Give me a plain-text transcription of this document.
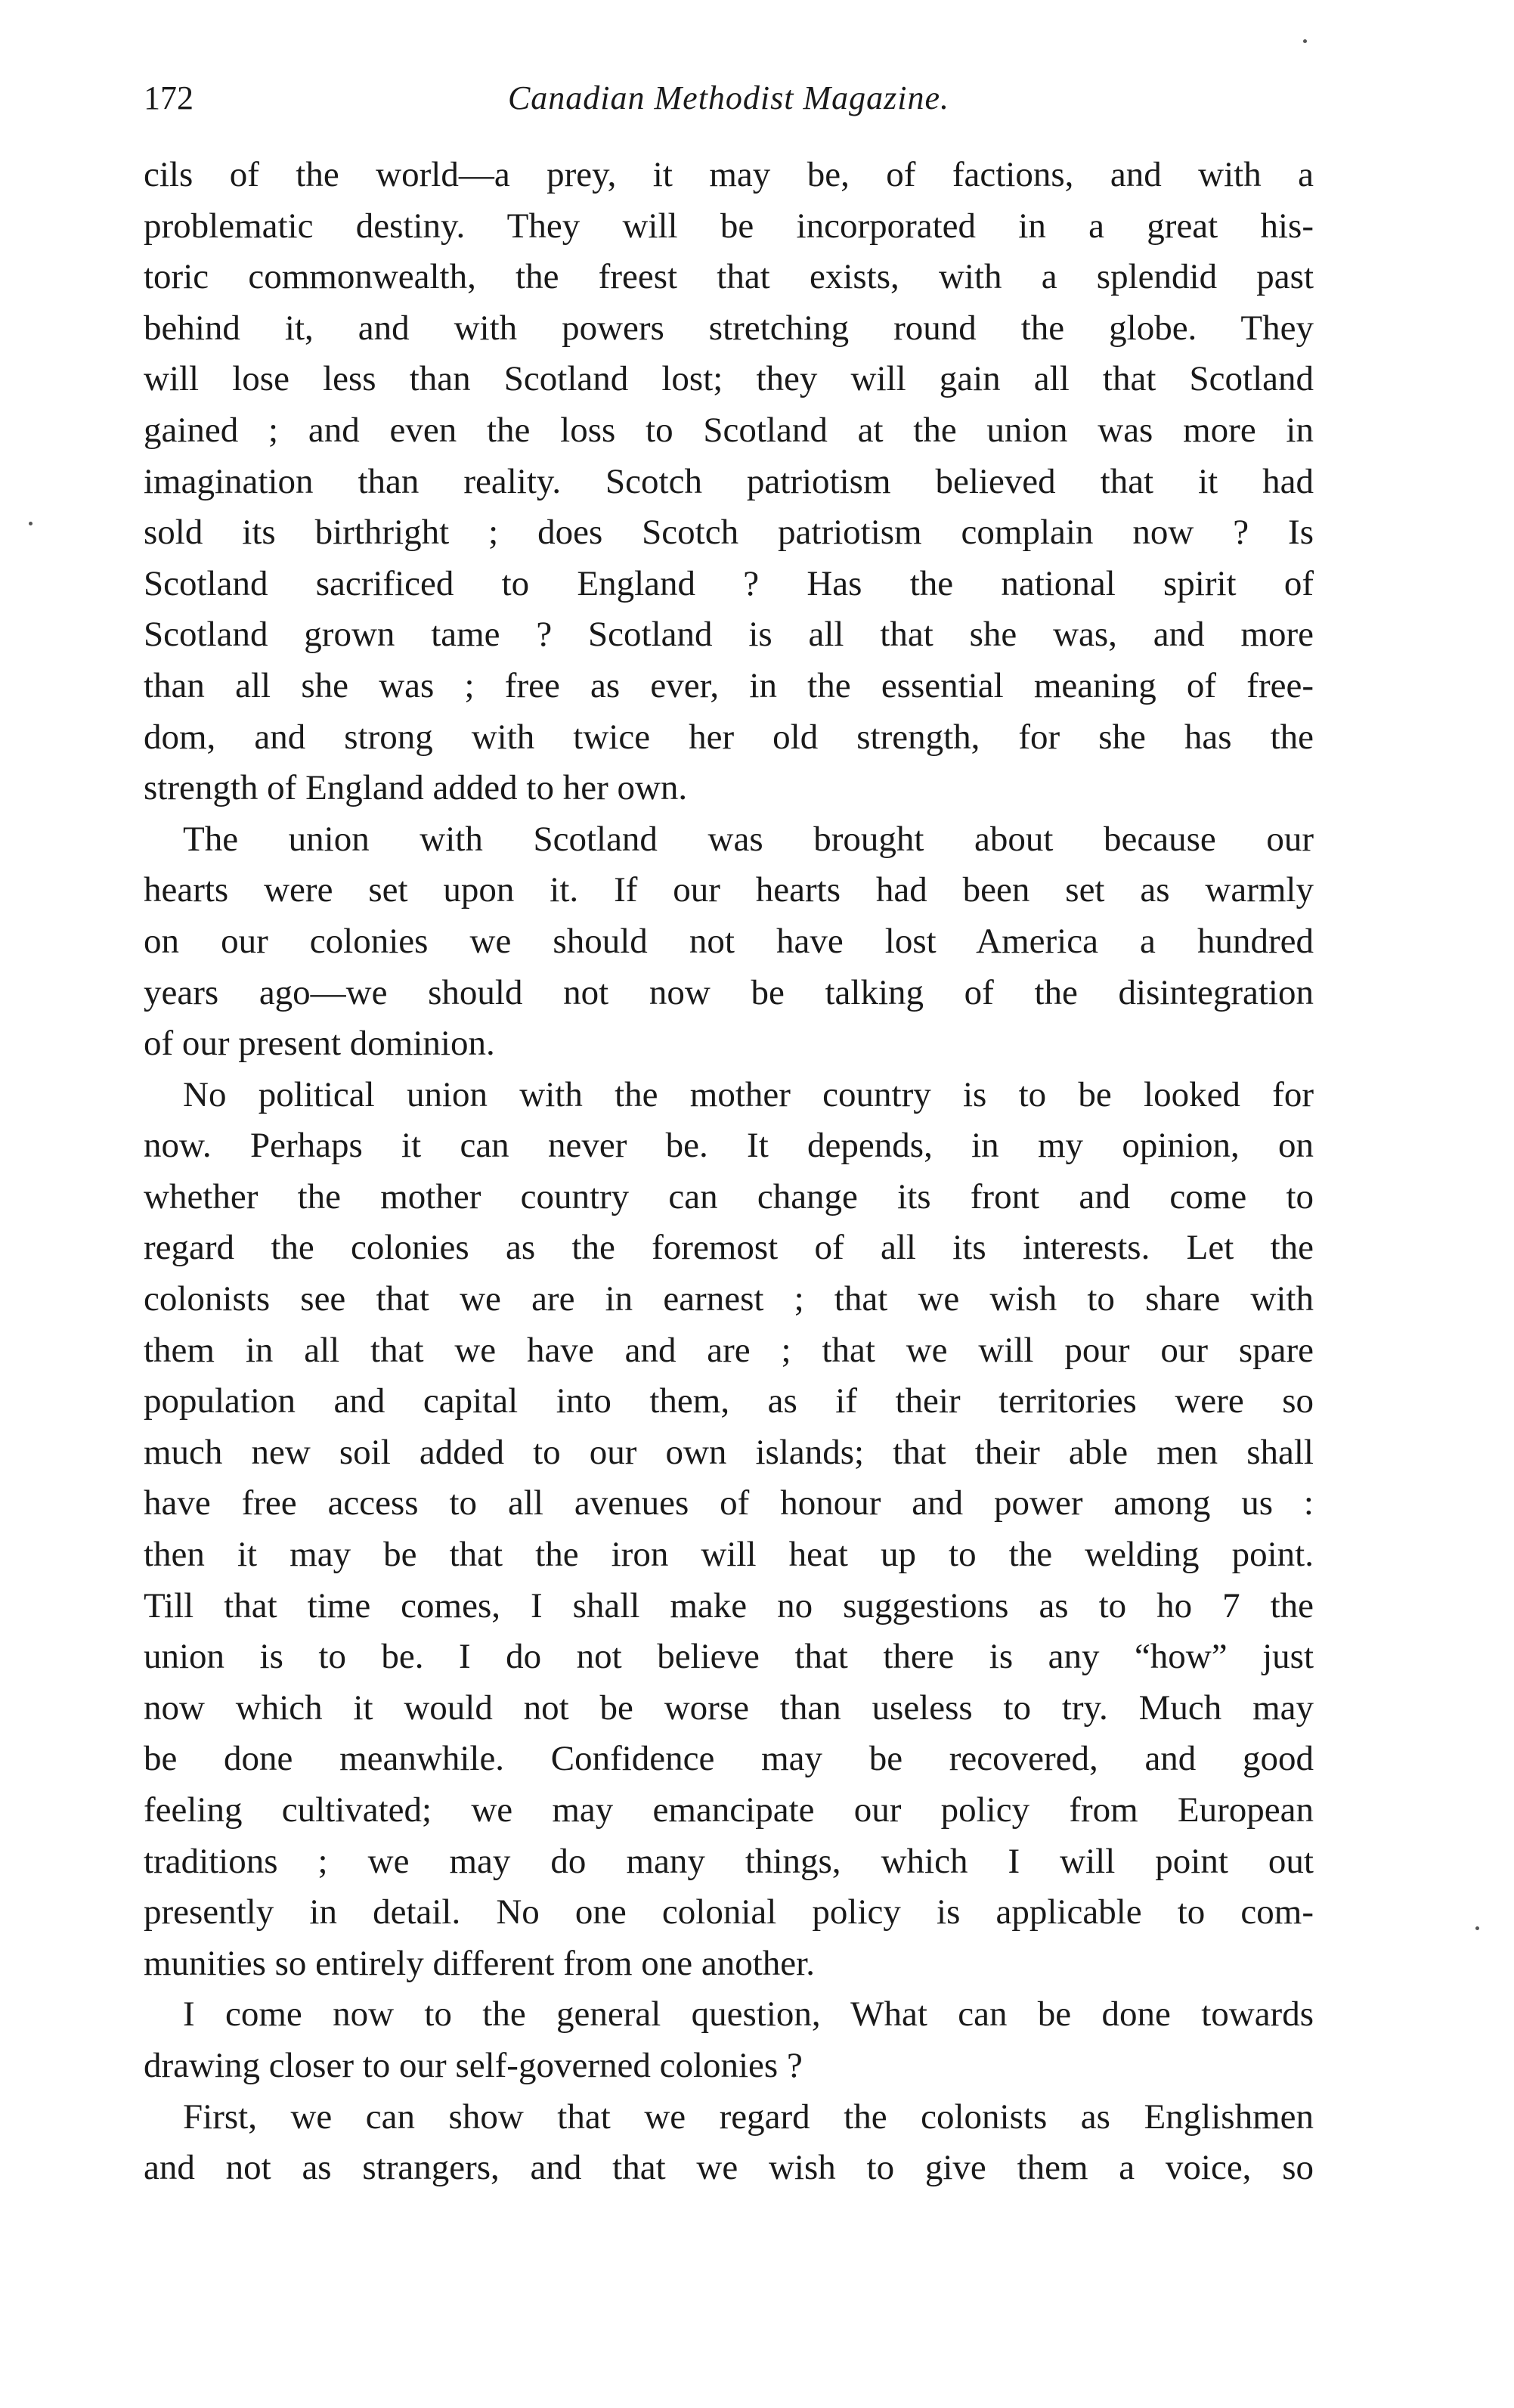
172	Canadian Methodist Magazine.
cils of the world—a prey, it may be, of factions, and with a
problematic destiny. They will be incorporated in a great his-
toric commonwealth, the freest that exists, with a splendid past
behind it, and with powers stretching round the globe. They
will lose less than Scotland lost; they will gain all that Scotland
gained ; and even the loss to Scotland at the union was more in
imagination than reality. Scotch patriotism believed that it had
sold its birthright ; does Scotch patriotism complain now ? Is
Scotland sacrificed to England ? Has the national spirit of
Scotland grown tame ? Scotland is all that she was, and more
than all she was ; free as ever, in the essential meaning of free-
dom, and strong with twice her old strength, for she has the
strength of England added to her own.
The union with Scotland was brought about because our
hearts were set upon it. If our hearts had been set as warmly
on our colonies we should not have lost America a hundred
years ago—we should not now be talking of the disintegration
of our present dominion.
No political union with the mother country is to be looked for
now. Perhaps it can never be. It depends, in my opinion, on
whether the mother country can change its front and come to
regard the colonies as the foremost of all its interests. Let the
colonists see that we are in earnest ; that we wish to share with
them in all that we have and are ; that we will pour our spare
population and capital into them, as if their territories were so
much new soil added to our own islands; that their able men shall
have free access to all avenues of honour and power among us :
then it may be that the iron will heat up to the welding point.
Till that time comes, I shall make no suggestions as to ho 7 the
union is to be. I do not believe that there is any “how” just
now which it would not be worse than useless to try. Much may
be done meanwhile. Confidence may be recovered, and good
feeling cultivated; we may emancipate our policy from European
traditions ; we may do many things, which I will point out
presently in detail. No one colonial policy is applicable to com-
munities so entirely different from one another.
I come now to the general question, What can be done towards
drawing closer to our self-governed colonies ?
First, we can show that we regard the colonists as Englishmen
and not as strangers, and that we wish to give them a voice, so
